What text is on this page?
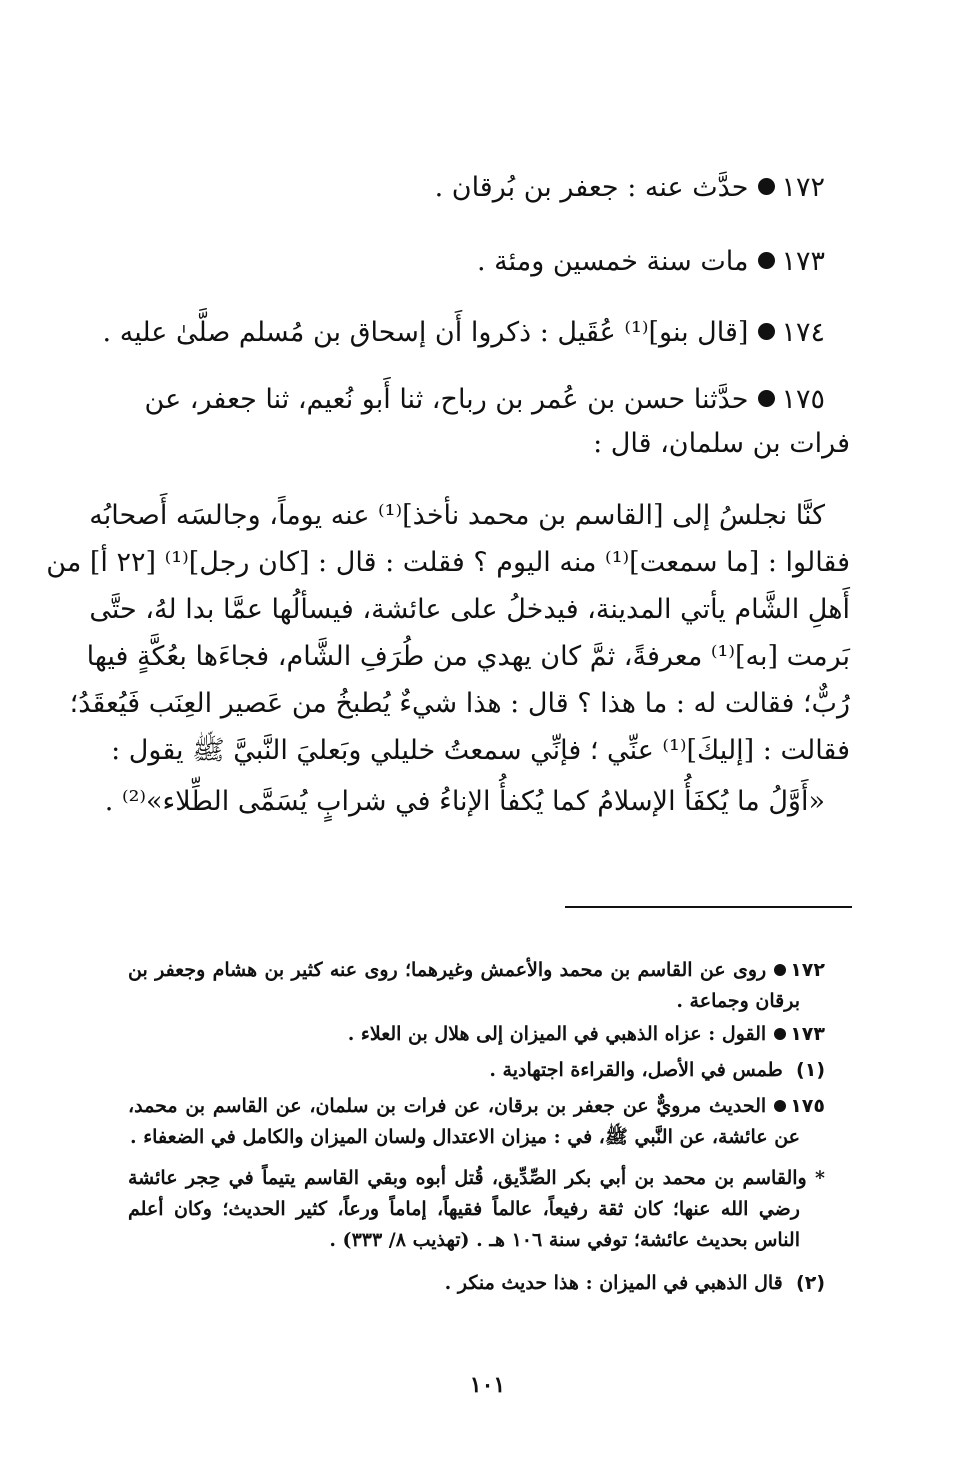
١٧٢حدَّث عنه : جعفر بن بُرقان .
١٧٣مات سنة خمسين ومئة .
١٧٤[قال بنو]⁽¹⁾ عُقَيل : ذكروا أَن إسحاق بن مُسلم صلَّىٰ عليه .
١٧٥حدَّثنا حسن بن عُمر بن رباح، ثنا أَبو نُعيم، ثنا جعفر، عن
فرات بن سلمان، قال :
كنَّا نجلسُ إلى [القاسم بن محمد نأخذ]⁽¹⁾ عنه يوماً، وجالسَه أَصحابُه
فقالوا : [ما سمعت]⁽¹⁾ منه اليوم ؟ فقلت : قال : [كان رجل]⁽¹⁾ [٢٢ أ] من
أَهلِ الشَّام يأتي المدينة، فيدخلُ على عائشة، فيسألُها عمَّا بدا لهُ، حتَّى
بَرمت [به]⁽¹⁾ معرفةً، ثمَّ كان يهدي من طُرَفِ الشَّام، فجاءَها بعُكَّةٍ فيها
رُبٌّ؛ فقالت له : ما هذا ؟ قال : هذا شيءٌ يُطبخُ من عَصير العِنَب فَيُعقَدُ؛
فقالت : [إليكَ]⁽¹⁾ عنِّي ؛ فإنِّي سمعتُ خليلي وبَعليَ النَّبيَّ ﷺ يقول :
«أَوَّلُ ما يُكفَأُ الإسلامُ كما يُكفأُ الإناءُ في شرابٍ يُسَمَّى الطِّلاء»⁽²⁾ .
١٧٢روى عن القاسم بن محمد والأعمش وغيرهما؛ روى عنه كثير بن هشام وجعفر بن
برقان وجماعة .
١٧٣القول : عزاه الذهبي في الميزان إلى هلال بن العلاء .
(١)  طمس في الأصل، والقراءة اجتهادية .
١٧٥الحديث مرويٌّ عن جعفر بن برقان، عن فرات بن سلمان، عن القاسم بن محمد،
عن عائشة، عن النَّبي ﷺ، في : ميزان الاعتدال ولسان الميزان والكامل في الضعفاء .
* والقاسم بن محمد بن أبي بكر الصِّدِّيق، قُتل أبوه وبقي القاسم يتيماً في حِجر عائشة
رضي الله عنها؛ كان ثقة رفيعاً، عالماً فقيهاً، إماماً ورعاً، كثير الحديث؛ وكان أعلم
الناس بحديث عائشة؛ توفي سنة ١٠٦ هـ . (تهذيب ٨/ ٣٣٣) .
(٢)  قال الذهبي في الميزان : هذا حديث منكر .
١٠١
